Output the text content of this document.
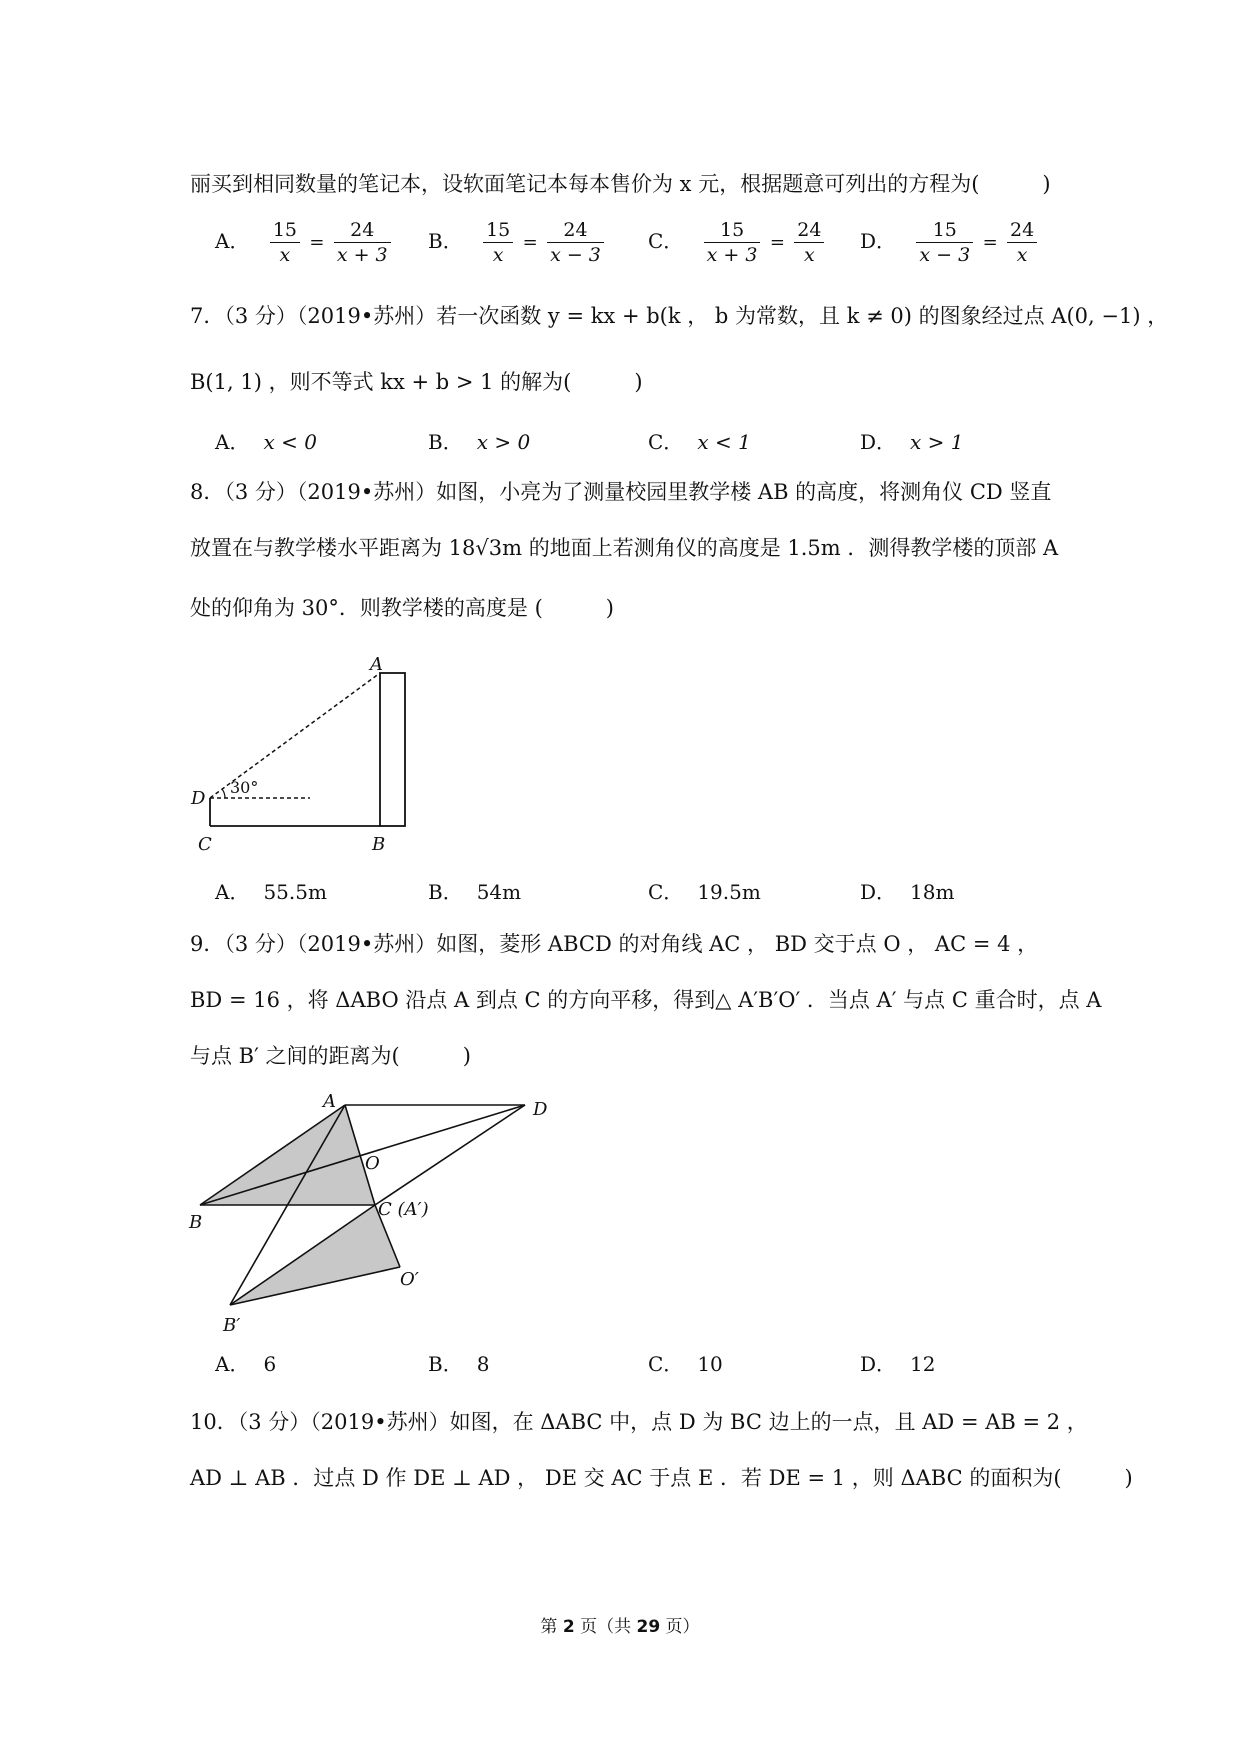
丽买到相同数量的笔记本，设软面笔记本每本售价为 x 元，根据题意可列出的方程为(　　　)
A． $\frac{15}{x} = \frac{24}{x + 3}$ B． $\frac{15}{x} = \frac{24}{x - 3}$ C． $\frac{15}{x + 3} = \frac{24}{x}$ D． $\frac{15}{x - 3} = \frac{24}{x}$
7．（3 分）（2019•苏州）若一次函数 y = kx + b(k ， b 为常数，且 k ≠ 0) 的图象经过点 A(0, −1) ，
B(1, 1) ，则不等式 kx + b > 1 的解为(　　　)
A． x < 0	B． x > 0	C． x < 1	D． x > 1
8．（3 分）（2019•苏州）如图，小亮为了测量校园里教学楼 AB 的高度，将测角仪 CD 竖直
放置在与教学楼水平距离为 18√3m 的地面上若测角仪的高度是 1.5m ．测得教学楼的顶部 A
处的仰角为 30°．则教学楼的高度是 (　　　)
A
B
C
D
30°
A． 55.5m	B． 54m	C． 19.5m	D． 18m
9．（3 分）（2019•苏州）如图，菱形 ABCD 的对角线 AC ， BD 交于点 O ， AC = 4 ，
BD = 16 ，将 ΔABO 沿点 A 到点 C 的方向平移，得到△ A′B′O′ ．当点 A′ 与点 C 重合时，点 A
与点 B′ 之间的距离为(　　　)
A	D
O
B
C (A′)
O′
B′
A． 6	B． 8	C． 10	D． 12
10．（3 分）（2019•苏州）如图，在 ΔABC 中，点 D 为 BC 边上的一点，且 AD = AB = 2 ，
AD ⊥ AB ．过点 D 作 DE ⊥ AD ， DE 交 AC 于点 E ．若 DE = 1 ，则 ΔABC 的面积为(　　　)
第 2 页（共 29 页）
